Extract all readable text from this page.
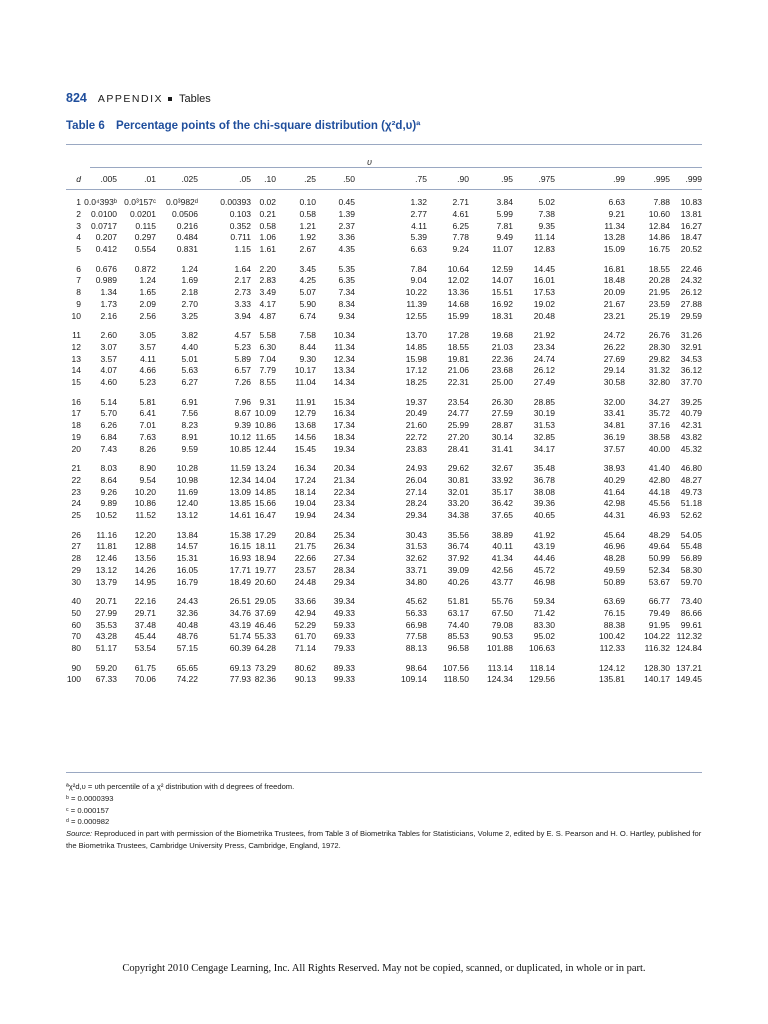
824 APPENDIX Tables
Table 6 Percentage points of the chi-square distribution (χ²d,υ)ª
υ
d .005	.01	.025	.05 .10	.25	.50	.75	.90	.95	.975	.99	.995 .999
1 0.0⁴393ᵇ 0.0³157ᶜ 0.0³982ᵈ	0.00393 0.02	0.10	0.45	1.32	2.71	3.84	5.02	6.63	7.88 10.83
2 0.0100 0.0201 0.0506	0.103 0.21	0.58	1.39	2.77	4.61	5.99	7.38	9.21	10.60 13.81
3 0.0717 0.115 0.216	0.352 0.58	1.21	2.37	4.11	6.25	7.81	9.35	11.34	12.84 16.27
4 0.207 0.297 0.484	0.711 1.06	1.92	3.36	5.39	7.78	9.49	11.14	13.28	14.86 18.47
5 0.412 0.554 0.831	1.15 1.61	2.67	4.35	6.63	9.24	11.07 12.83	15.09	16.75 20.52
6 0.676 0.872	1.24	1.64 2.20	3.45	5.35	7.84 10.64	12.59 14.45	16.81	18.55 22.46
7 0.989	1.24	1.69	2.17 2.83	4.25	6.35	9.04 12.02	14.07 16.01	18.48	20.28 24.32
8 1.34	1.65	2.18	2.73 3.49	5.07	7.34	10.22 13.36	15.51 17.53	20.09	21.95 26.12
9 1.73	2.09	2.70	3.33 4.17	5.90	8.34	11.39 14.68	16.92 19.02	21.67	23.59 27.88
10 2.16	2.56	3.25	3.94 4.87	6.74	9.34	12.55 15.99	18.31 20.48	23.21	25.19 29.59
11 2.60	3.05	3.82	4.57 5.58	7.58 10.34	13.70 17.28	19.68 21.92	24.72	26.76 31.26
12 3.07	3.57	4.40	5.23 6.30	8.44 11.34	14.85 18.55	21.03 23.34	26.22	28.30 32.91
13 3.57	4.11	5.01	5.89 7.04	9.30 12.34	15.98 19.81	22.36 24.74	27.69	29.82 34.53
14 4.07	4.66	5.63	6.57 7.79 10.17 13.34	17.12 21.06	23.68 26.12	29.14	31.32 36.12
15 4.60	5.23	6.27	7.26 8.55 11.04 14.34	18.25 22.31	25.00 27.49	30.58	32.80 37.70
16 5.14	5.81	6.91	7.96 9.31 11.91 15.34	19.37 23.54	26.30 28.85	32.00	34.27 39.25
17 5.70	6.41	7.56	8.67 10.09 12.79 16.34	20.49 24.77	27.59 30.19	33.41	35.72 40.79
18 6.26	7.01	8.23	9.39 10.86 13.68 17.34	21.60 25.99	28.87 31.53	34.81	37.16 42.31
19 6.84	7.63	8.91	10.12 11.65 14.56 18.34	22.72 27.20	30.14 32.85	36.19	38.58 43.82
20 7.43	8.26	9.59	10.85 12.44 15.45 19.34	23.83 28.41	31.41 34.17	37.57	40.00 45.32
21 8.03	8.90 10.28	11.59 13.24 16.34 20.34	24.93 29.62	32.67 35.48	38.93	41.40 46.80
22 8.64	9.54 10.98	12.34 14.04 17.24 21.34	26.04 30.81	33.92 36.78	40.29	42.80 48.27
23 9.26 10.20	11.69	13.09 14.85 18.14 22.34	27.14 32.01	35.17 38.08	41.64	44.18 49.73
24 9.89 10.86 12.40	13.85 15.66 19.04 23.34	28.24 33.20	36.42 39.36	42.98	45.56 51.18
25 10.52 11.52 13.12	14.61 16.47 19.94 24.34	29.34 34.38	37.65 40.65	44.31	46.93 52.62
26 11.16 12.20 13.84	15.38 17.29 20.84 25.34	30.43 35.56	38.89 41.92	45.64	48.29 54.05
27 11.81 12.88 14.57	16.15 18.11 21.75 26.34	31.53 36.74	40.11 43.19	46.96	49.64 55.48
28 12.46 13.56 15.31	16.93 18.94 22.66 27.34	32.62 37.92	41.34 44.46	48.28	50.99 56.89
29 13.12 14.26 16.05	17.71 19.77 23.57 28.34	33.71 39.09	42.56 45.72	49.59	52.34 58.30
30 13.79 14.95 16.79	18.49 20.60 24.48 29.34	34.80 40.26	43.77 46.98	50.89	53.67 59.70
40 20.71 22.16 24.43	26.51 29.05 33.66 39.34	45.62 51.81	55.76 59.34	63.69	66.77 73.40
50 27.99 29.71 32.36	34.76 37.69 42.94 49.33	56.33 63.17	67.50 71.42	76.15	79.49 86.66
60 35.53 37.48 40.48	43.19 46.46 52.29 59.33	66.98 74.40	79.08 83.30	88.38	91.95 99.61
70 43.28 45.44 48.76	51.74 55.33 61.70 69.33	77.58 85.53	90.53 95.02	100.42 104.22 112.32
80 51.17 53.54 57.15	60.39 64.28 71.14 79.33	88.13 96.58 101.88 106.63	112.33 116.32 124.84
90 59.20 61.75 65.65	69.13 73.29 80.62 89.33	98.64 107.56 113.14 118.14	124.12 128.30 137.21
100 67.33 70.06 74.22	77.93 82.36 90.13 99.33	109.14 118.50 124.34 129.56	135.81 140.17 149.45
ªχ²d,υ = υth percentile of a χ² distribution with d degrees of freedom.
ᵇ = 0.0000393
ᶜ = 0.000157
ᵈ = 0.000982
Source: Reproduced in part with permission of the Biometrika Trustees, from Table 3 of Biometrika Tables for Statisticians, Volume 2, edited by E. S. Pearson and H. O. Hartley, published for the Biometrika Trustees, Cambridge University Press, Cambridge, England, 1972.
Copyright 2010 Cengage Learning, Inc. All Rights Reserved. May not be copied, scanned, or duplicated, in whole or in part.
